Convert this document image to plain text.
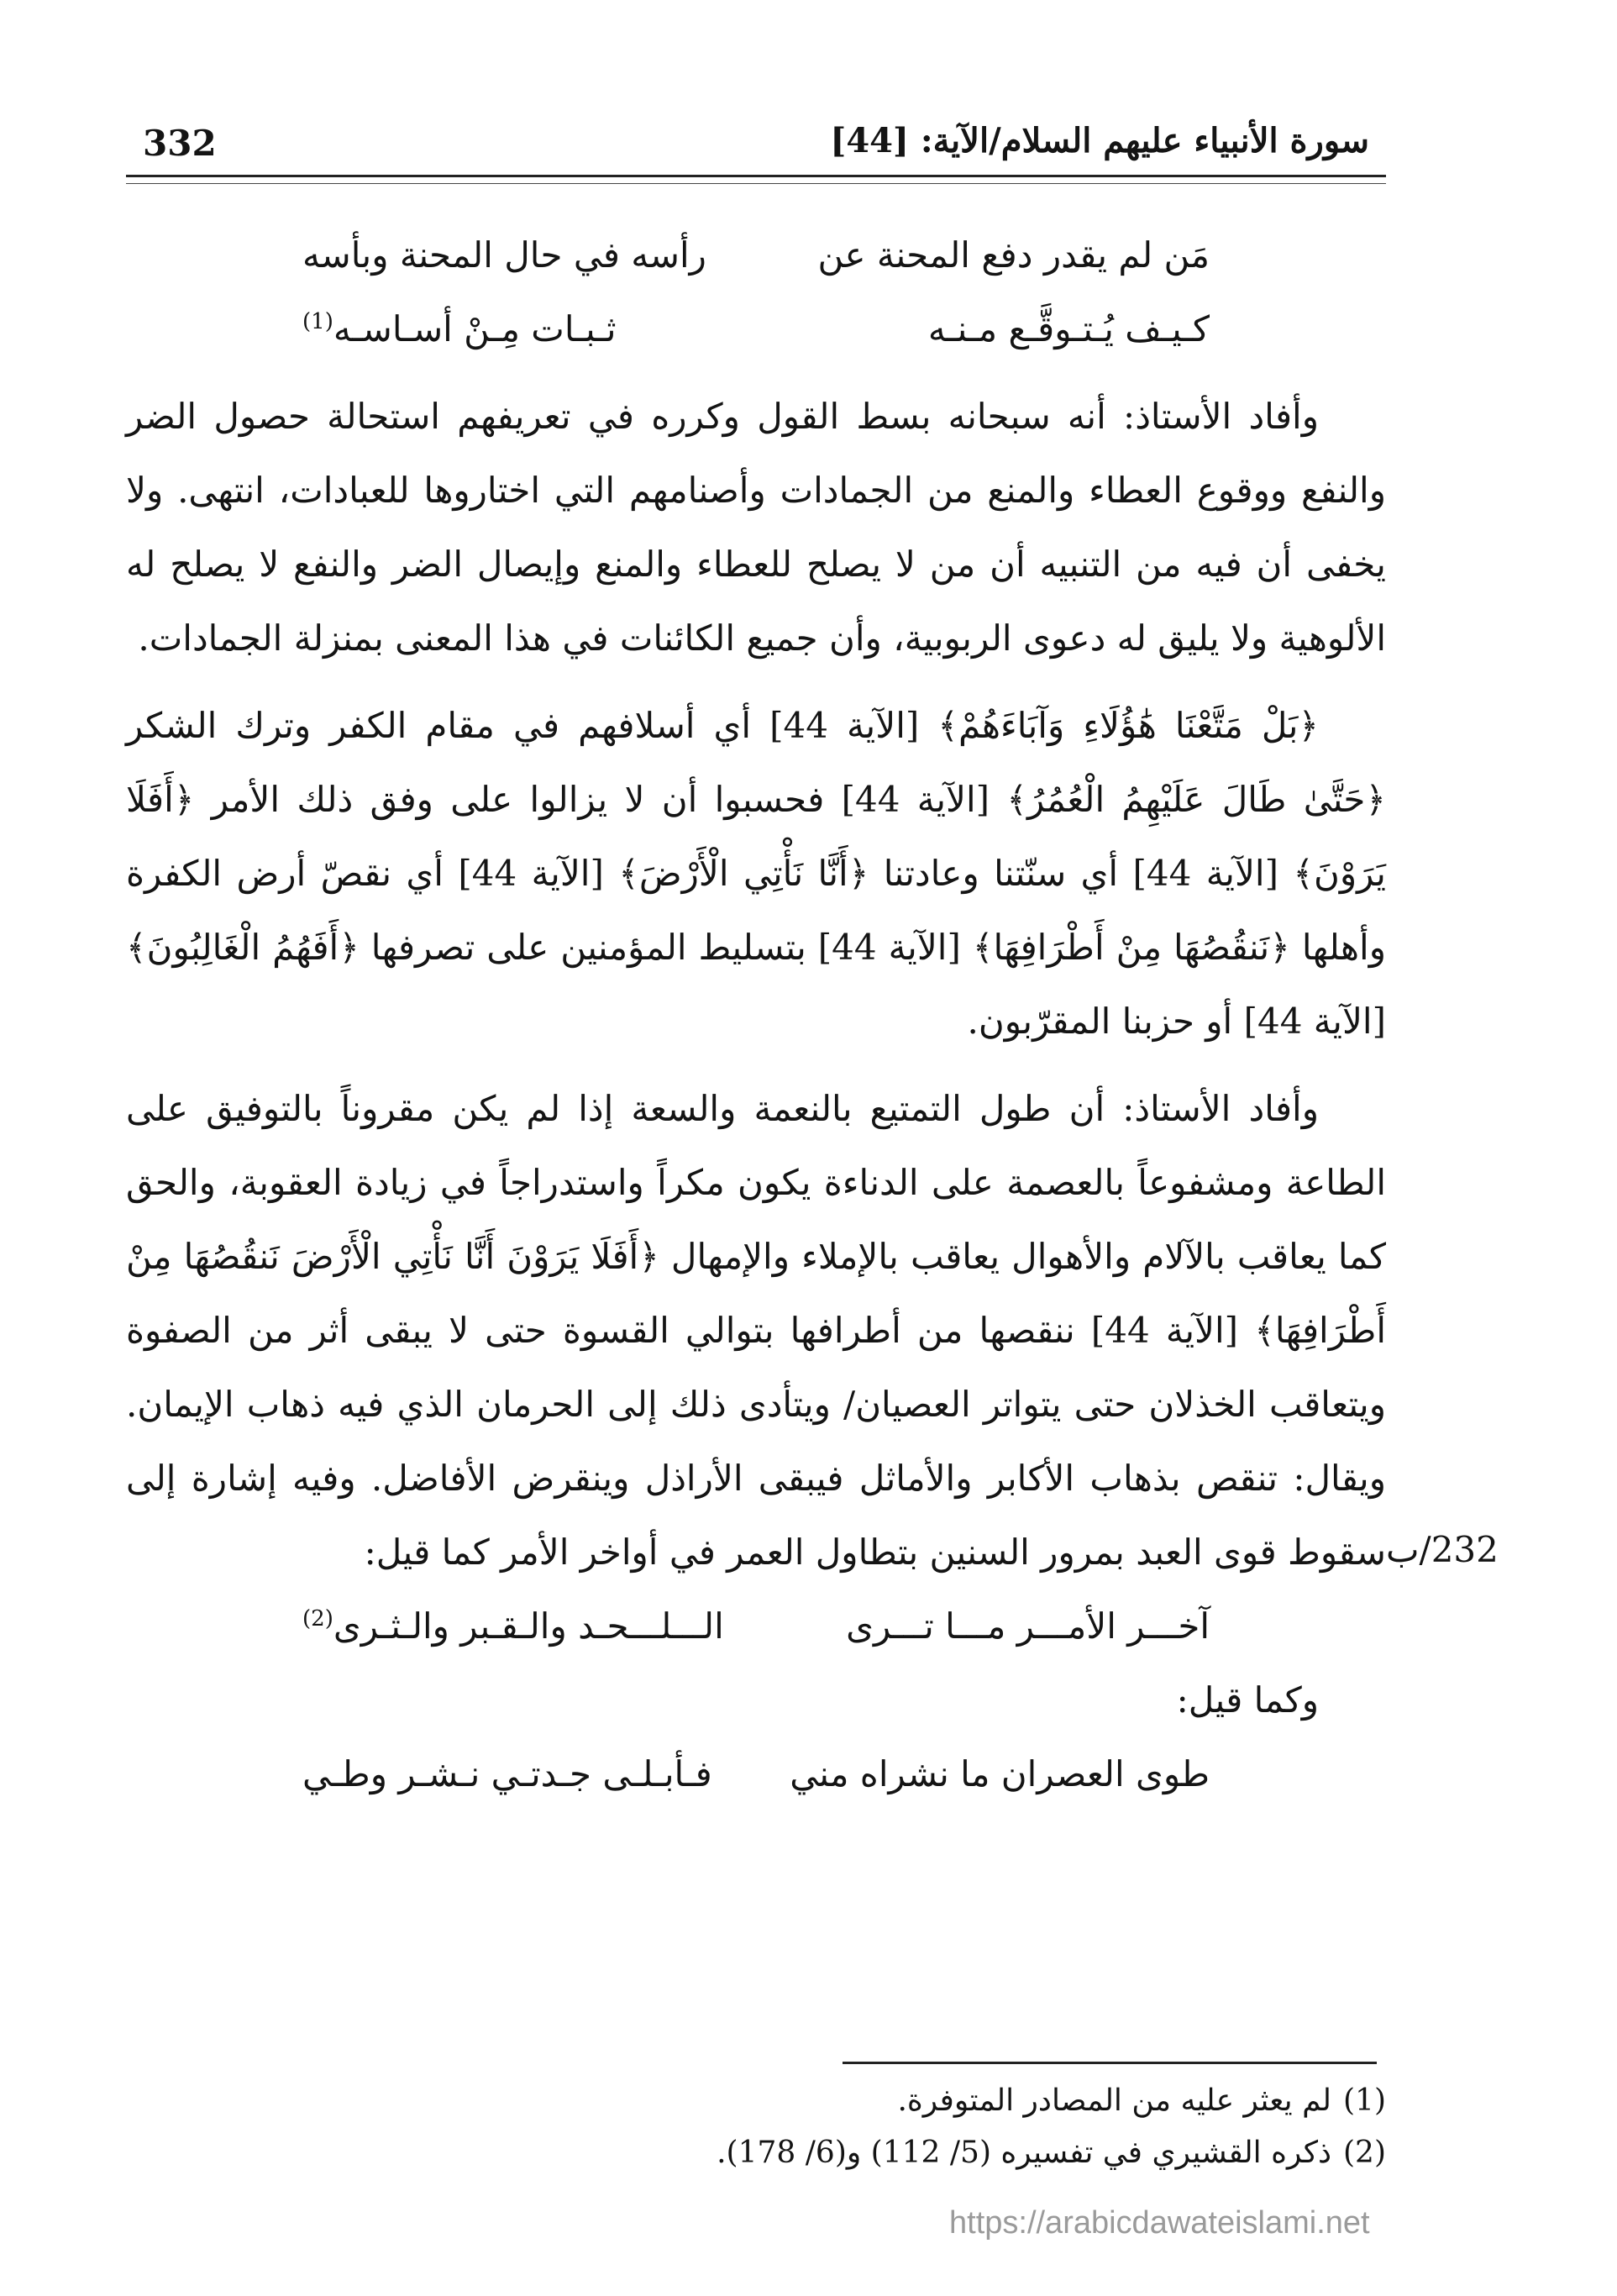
332	سورة الأنبياء عليهم السلام/الآية: [44]
مَن لم يقدر دفع المحنة عن
رأسه في حال المحنة وبأسه
كـيـف يُـتـوقَّـع مـنـه
ثـبـات مِـنْ أسـاسـه$^{(1)}$

وأفاد الأستاذ: أنه سبحانه بسط القول وكرره في تعريفهم استحالة حصول الضر والنفع ووقوع العطاء والمنع من الجمادات وأصنامهم التي اختاروها للعبادات، انتهى. ولا يخفى أن فيه من التنبيه أن من لا يصلح للعطاء والمنع وإيصال الضر والنفع لا يصلح له الألوهية ولا يليق له دعوى الربوبية، وأن جميع الكائنات في هذا المعنى بمنزلة الجمادات.

﴿بَلْ مَتَّعْنَا هَٰؤُلَاءِ وَآبَاءَهُمْ﴾ [الآية 44] أي أسلافهم في مقام الكفر وترك الشكر ﴿حَتَّىٰ طَالَ عَلَيْهِمُ الْعُمُرُ﴾ [الآية 44] فحسبوا أن لا يزالوا على وفق ذلك الأمر ﴿أَفَلَا يَرَوْنَ﴾ [الآية 44] أي سنّتنا وعادتنا ﴿أَنَّا نَأْتِي الْأَرْضَ﴾ [الآية 44] أي نقصّ أرض الكفرة وأهلها ﴿نَنقُصُهَا مِنْ أَطْرَافِهَا﴾ [الآية 44] بتسليط المؤمنين على تصرفها ﴿أَفَهُمُ الْغَالِبُونَ﴾ [الآية 44] أو حزبنا المقرّبون.

وأفاد الأستاذ: أن طول التمتيع بالنعمة والسعة إذا لم يكن مقروناً بالتوفيق على الطاعة ومشفوعاً بالعصمة على الدناءة يكون مكراً واستدراجاً في زيادة العقوبة، والحق كما يعاقب بالآلام والأهوال يعاقب بالإملاء والإمهال ﴿أَفَلَا يَرَوْنَ أَنَّا نَأْتِي الْأَرْضَ نَنقُصُهَا مِنْ أَطْرَافِهَا﴾ [الآية 44] ننقصها من أطرافها بتوالي القسوة حتى لا يبقى أثر من الصفوة ويتعاقب الخذلان حتى يتواتر العصيان/ ويتأدى ذلك إلى الحرمان الذي فيه ذهاب الإيمان. ويقال: تنقص بذهاب الأكابر والأماثل فيبقى الأراذل وينقرض الأفاضل. وفيه إشارة إلى سقوط قوى العبد بمرور السنين بتطاول العمر في أواخر الأمر كما قيل:

آخـــر الأمـــر مـــا تـــرى
الـــلـــحـد والـقـبر والـثـرى$^{(2)}$

وكما قيل:

طوى العصران ما نشراه مني
فـأبـلـى جـدتـي نـشـر وطـي
232/ب
(1)لم يعثر عليه من المصادر المتوفرة.
(2)ذكره القشيري في تفسيره (5/ 112) و(6/ 178).
https://arabicdawateislami.net
